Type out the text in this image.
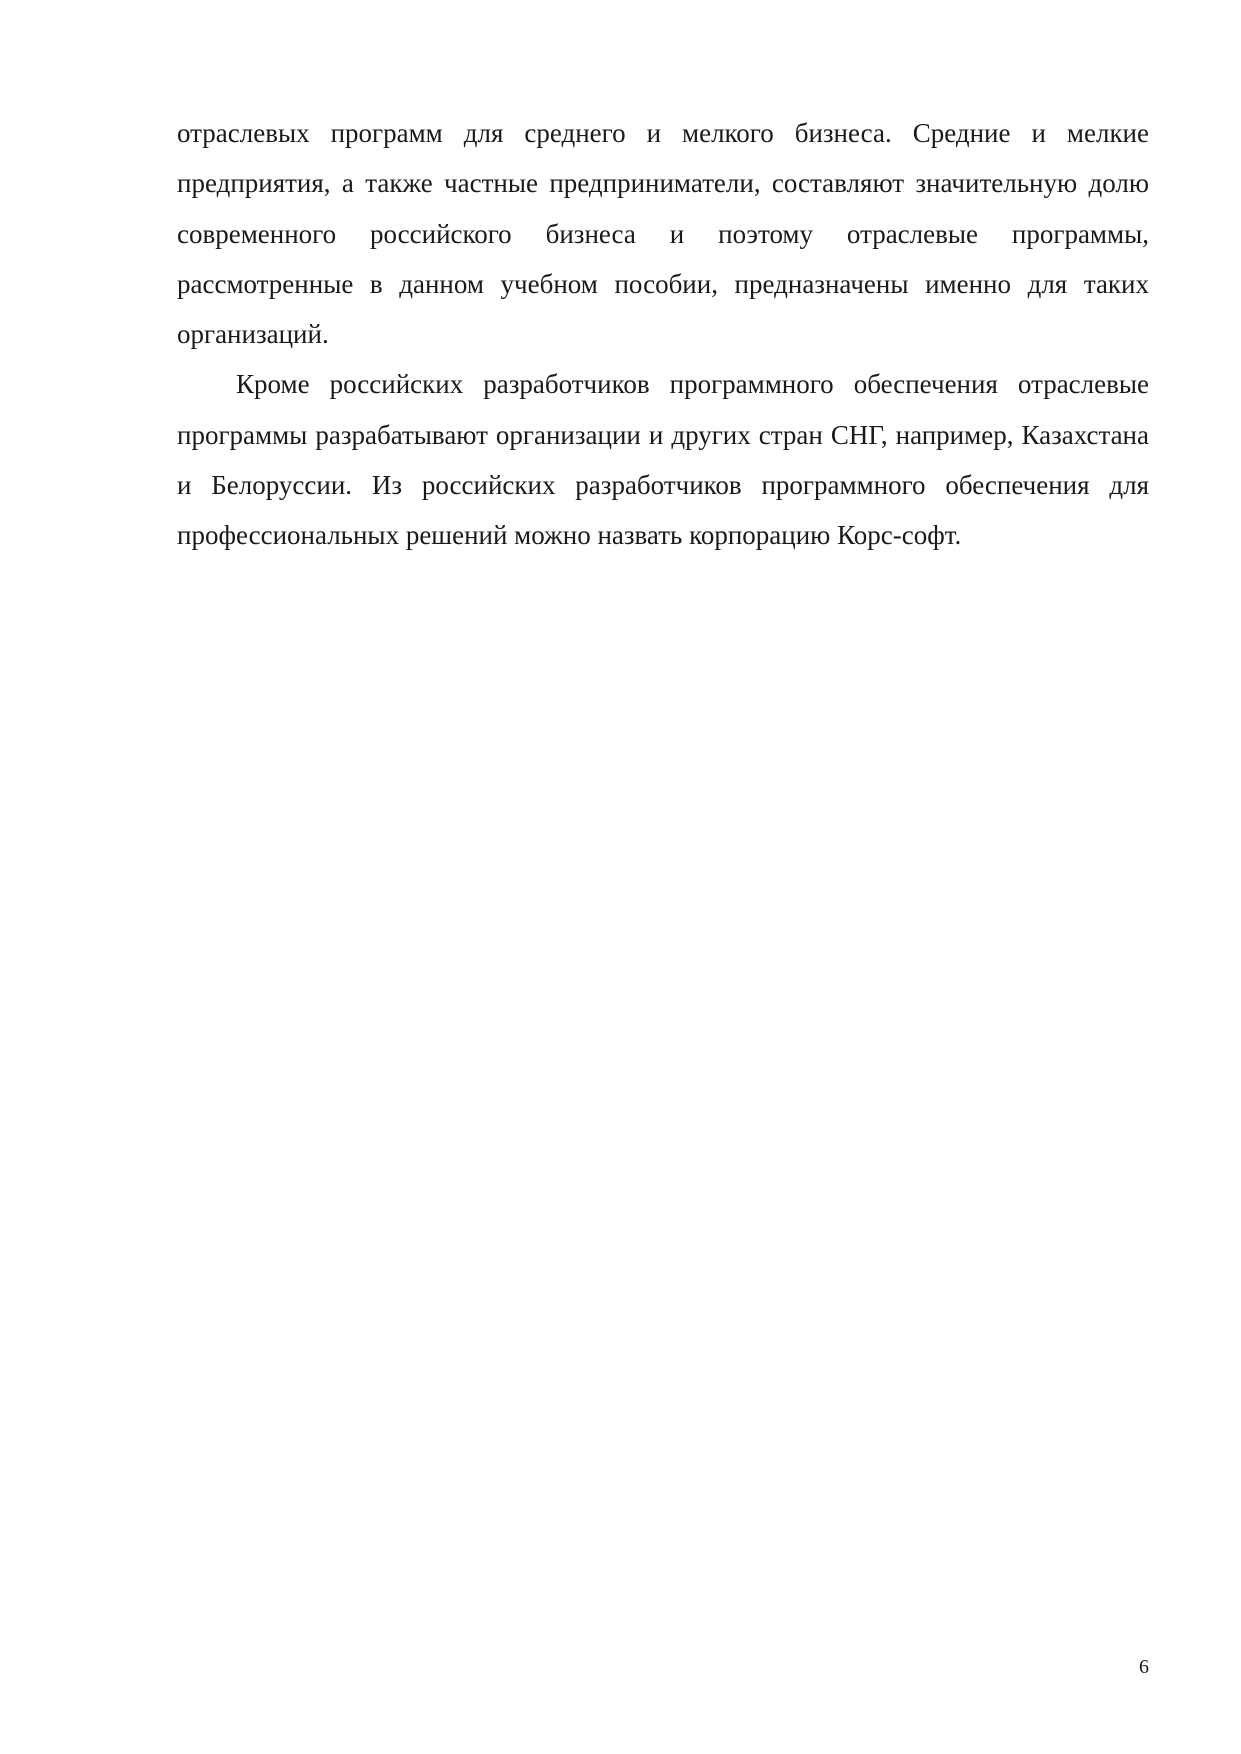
отраслевых программ для среднего и мелкого бизнеса. Средние и мелкие предприятия, а также частные предприниматели, составляют значительную долю современного российского бизнеса и поэтому отраслевые программы, рассмотренные в данном учебном пособии, предназначены именно для таких организаций.

Кроме российских разработчиков программного обеспечения отраслевые программы разрабатывают организации и других стран СНГ, например, Казахстана и Белоруссии. Из российских разработчиков программного обеспечения для профессиональных решений можно назвать корпорацию Корс-софт.

6
